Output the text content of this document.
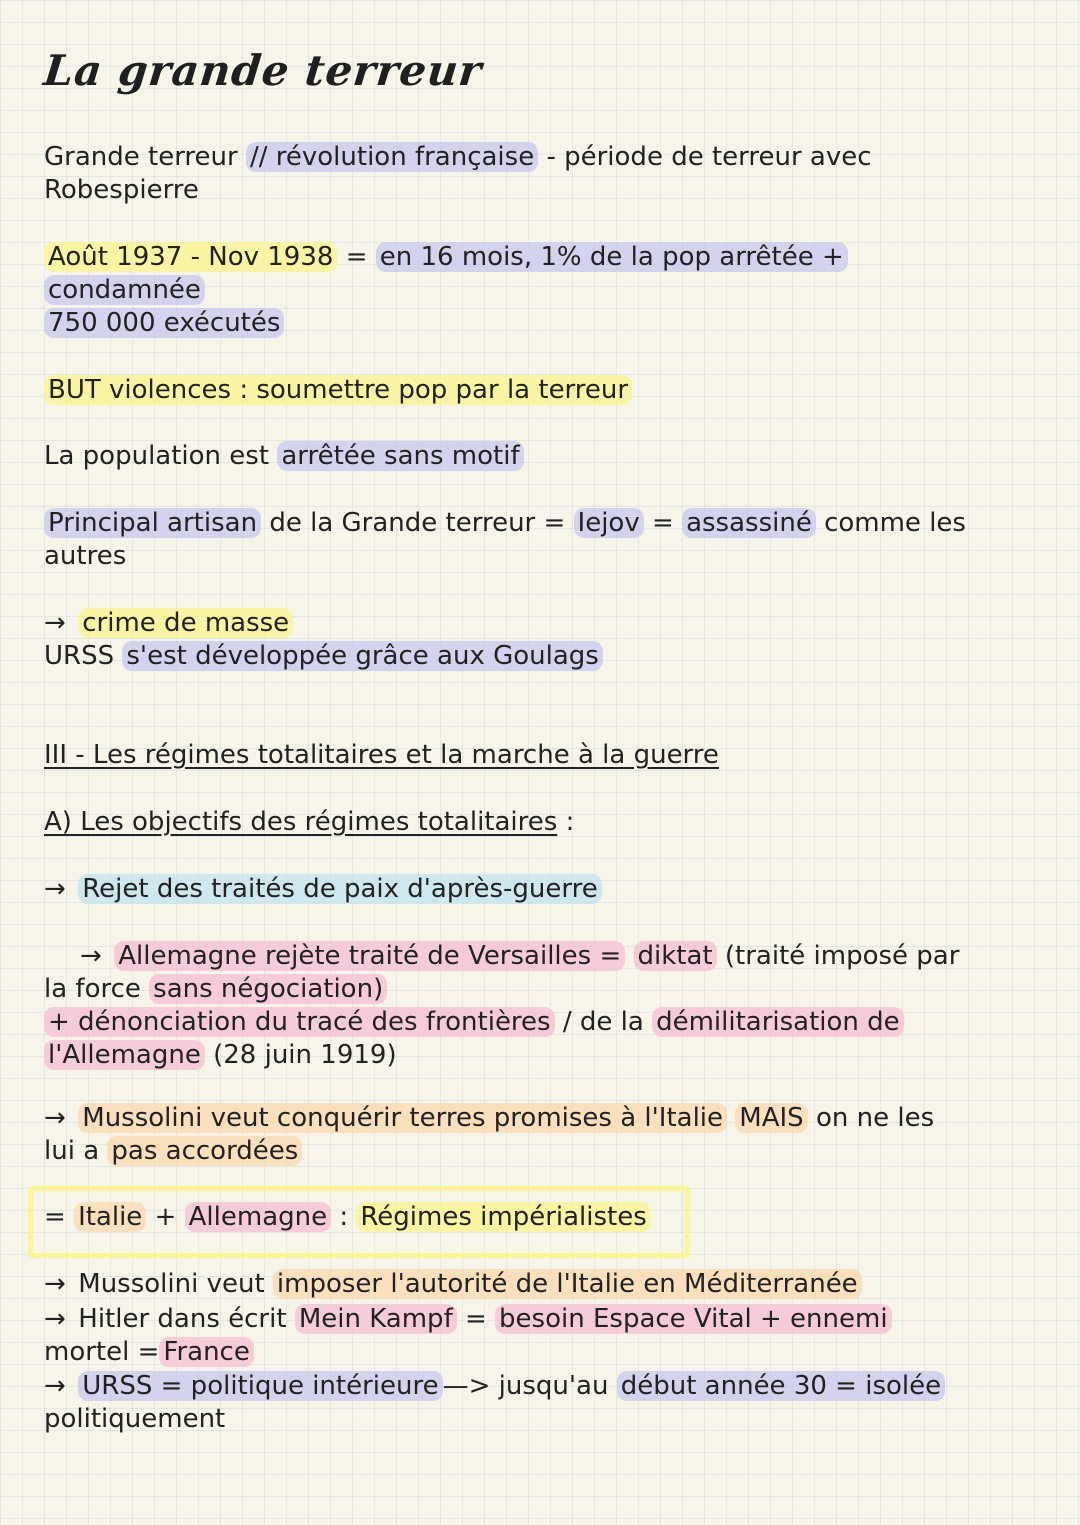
La grande terreur
Grande terreur // révolution française - période de terreur avec
Robespierre
Août 1937 - Nov 1938 = en 16 mois, 1% de la pop arrêtée +
condamnée
750 000 exécutés
BUT violences : soumettre pop par la terreur
La population est arrêtée sans motif
Principal artisan de la Grande terreur = Iejov = assassiné comme les
autres
→ crime de masse
URSS s'est développée grâce aux Goulags
III - Les régimes totalitaires et la marche à la guerre
A) Les objectifs des régimes totalitaires :
→ Rejet des traités de paix d'après-guerre
→ Allemagne rejète traité de Versailles = diktat (traité imposé par
la force sans négociation)
+ dénonciation du tracé des frontières / de la démilitarisation de
l'Allemagne (28 juin 1919)
→ Mussolini veut conquérir terres promises à l'Italie MAIS on ne les
lui a pas accordées
= Italie + Allemagne : Régimes impérialistes
→ Mussolini veut imposer l'autorité de l'Italie en Méditerranée
→ Hitler dans écrit Mein Kampf = besoin Espace Vital + ennemi
mortel = France
→ URSS = politique intérieure —> jusqu'au début année 30 = isolée
politiquement
